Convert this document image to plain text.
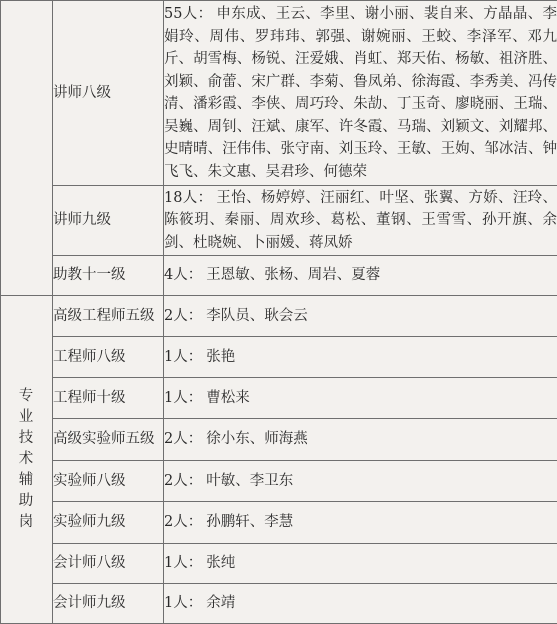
	讲师八级	55人： 申东成、王云、李里、谢小丽、裴自来、方晶晶、李娟玲、周伟、罗玮玮、郭强、谢婉丽、王蛟、李泽军、邓九斤、胡雪梅、杨锐、汪爱娥、肖虹、郑天佑、杨敏、祖济胜、刘颖、俞蕾、宋广群、李菊、鲁凤弟、徐海霞、李秀美、冯传清、潘彩霞、李侠、周巧玲、朱劼、丁玉奇、廖晓丽、王瑞、吴巍、周钊、汪斌、康军、许冬霞、马瑞、刘颖文、刘耀邦、史晴晴、汪伟伟、张守南、刘玉玲、王敏、王姁、邹冰洁、钟飞飞、朱文惠、吴君珍、何德荣
	讲师九级	18人： 王怡、杨婷婷、汪丽红、叶坚、张翼、方娇、汪玲、陈筱玥、秦丽、周欢珍、葛松、董钢、王雪雪、孙开旗、余剑、杜晓婉、卜丽媛、蒋凤娇
	助教十一级	4人： 王恩敏、张杨、周岩、夏蓉
专业技术辅助岗	高级工程师五级	2人： 李队员、耿会云
	工程师八级	1人： 张艳
	工程师十级	1人： 曹松来
	高级实验师五级	2人： 徐小东、师海燕
	实验师八级	2人： 叶敏、李卫东
	实验师九级	2人： 孙鹏轩、李慧
	会计师八级	1人： 张纯
	会计师九级	1人： 余靖
